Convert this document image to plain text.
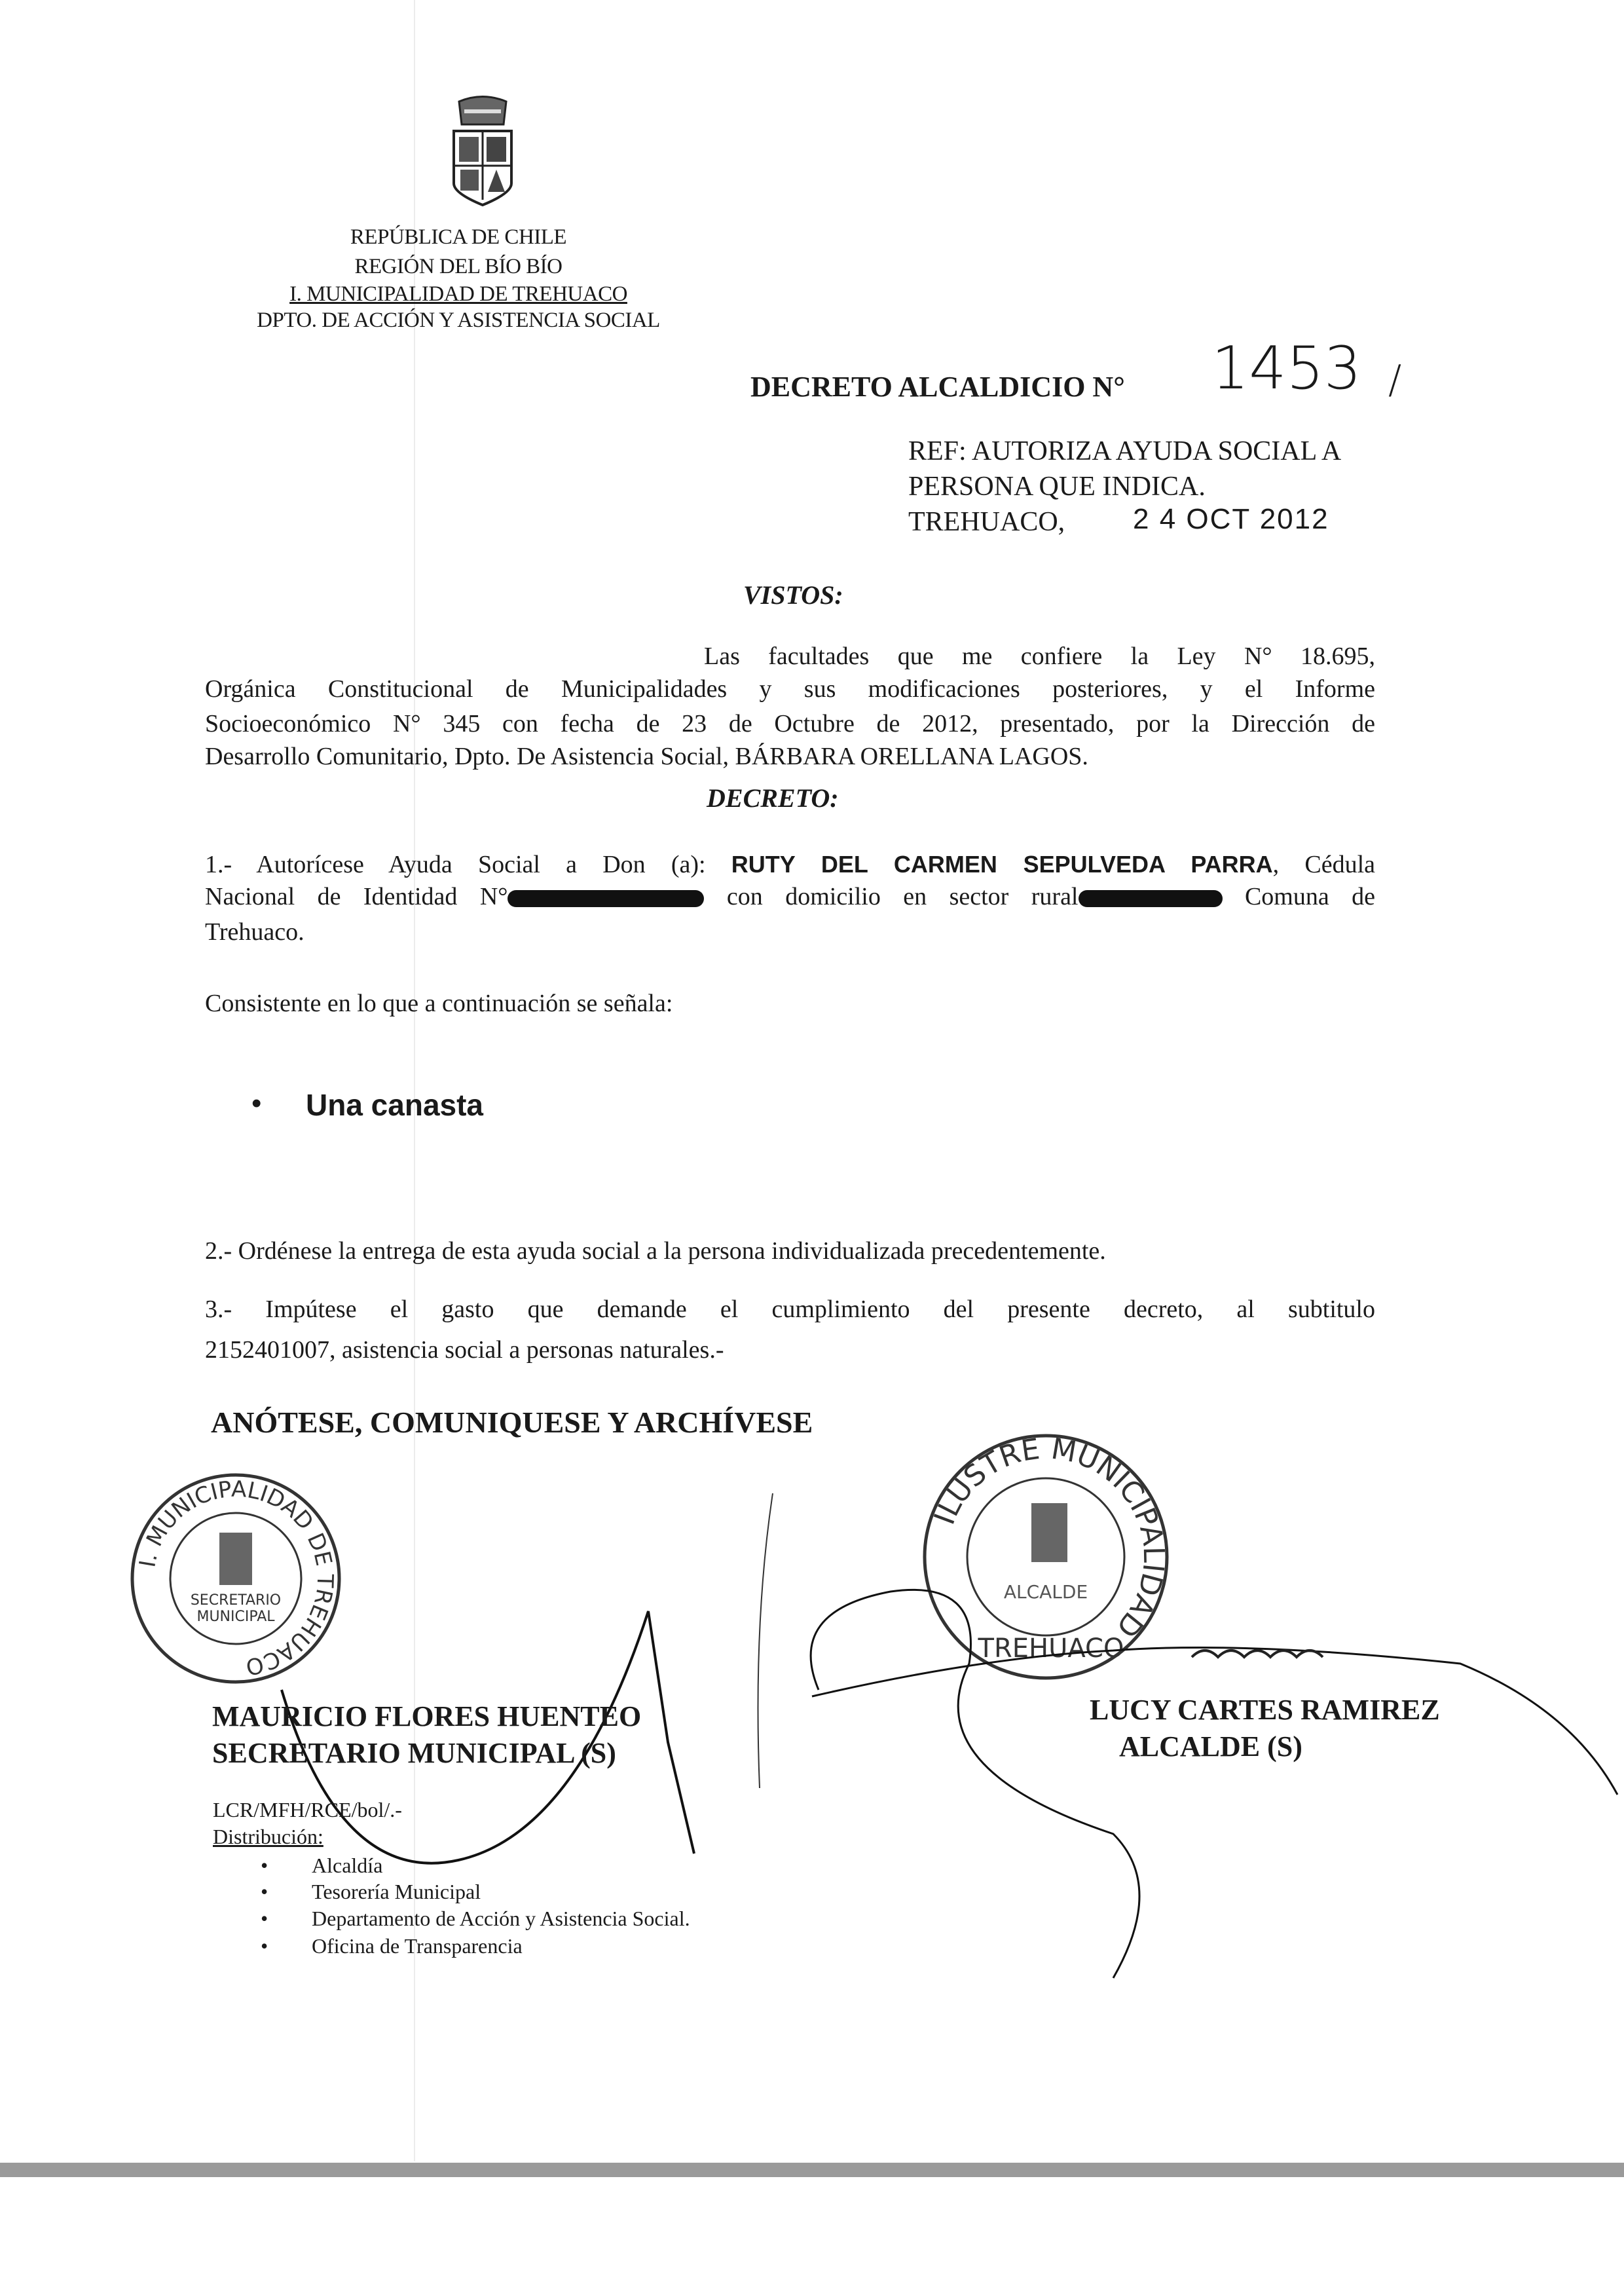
REPÚBLICA DE CHILE
REGIÓN DEL BÍO BÍO
I. MUNICIPALIDAD DE TREHUACO
DPTO. DE ACCIÓN Y ASISTENCIA SOCIAL
DECRETO ALCALDICIO N° 1453 /
REF: AUTORIZA AYUDA SOCIAL A
PERSONA QUE INDICA.
TREHUACO, 2 4 OCT 2012
VISTOS:
Las facultades que me confiere la Ley N° 18.695,
Orgánica Constitucional de Municipalidades y sus modificaciones posteriores, y el Informe
Socioeconómico N° 345 con fecha de 23 de Octubre de 2012, presentado, por la Dirección de
Desarrollo Comunitario, Dpto. De Asistencia Social, BÁRBARA ORELLANA LAGOS.
DECRETO:
1.- Autorícese Ayuda Social a Don (a): RUTY DEL CARMEN SEPULVEDA PARRA, Cédula
Nacional de Identidad N°	con domicilio en sector rural	Comuna de
Trehuaco.
Consistente en lo que a continuación se señala:
• Una canasta
2.- Ordénese la entrega de esta ayuda social a la persona individualizada precedentemente.
3.- Impútese el gasto que demande el cumplimiento del presente decreto, al subtitulo
2152401007, asistencia social a personas naturales.-
ANÓTESE, COMUNIQUESE Y ARCHÍVESE
I. MUNICIPALIDAD DE TREHUACO
SECRETARIO
MUNICIPAL
ILUSTRE MUNICIPALIDAD
TREHUACO
ALCALDE
MAURICIO FLORES HUENTEO
SECRETARIO MUNICIPAL (S)
LUCY CARTES RAMIREZ
ALCALDE (S)
LCR/MFH/RCE/bol/.-
Distribución:
• Alcaldía
• Tesorería Municipal
• Departamento de Acción y Asistencia Social.
• Oficina de Transparencia
